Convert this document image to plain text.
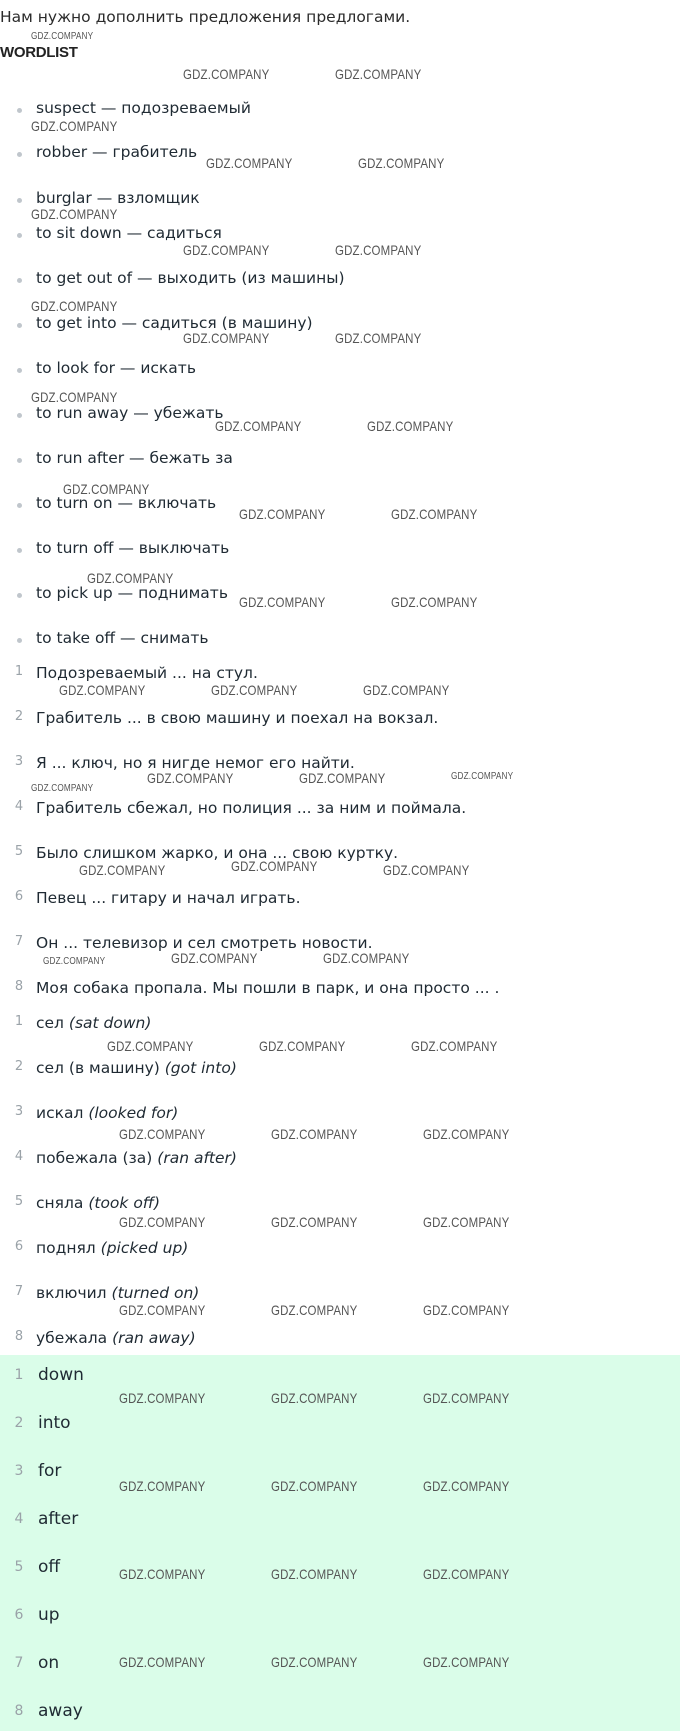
Нам нужно дополнить предложения предлогами.
WORDLIST
suspect — подозреваемый
robber — грабитель
burglar — взломщик
to sit down — садиться
to get out of — выходить (из машины)
to get into — садиться (в машину)
to look for — искать
to run away — убежать
to run after — бежать за
to turn on — включать
to turn off — выключать
to pick up — поднимать
to take off — снимать
1 Подозреваемый ... на стул.
2 Грабитель ... в свою машину и поехал на вокзал.
3 Я ... ключ, но я нигде немог его найти.
4 Грабитель сбежал, но полиция ... за ним и поймала.
5 Было слишком жарко, и она ... свою куртку.
6 Певец ... гитару и начал играть.
7 Он ... телевизор и сел смотреть новости.
8 Моя собака пропала. Мы пошли в парк, и она просто ... .
1 сел (sat down)
2 сел (в машину) (got into)
3 искал (looked for)
4 побежала (за) (ran after)
5 сняла (took off)
6 поднял (picked up)
7 включил (turned on)
8 убежала (ran away)
1 down
2 into
3 for
4 after
5 off
6 up
7 on
8 away
GDZ.COMPANY
GDZ.COMPANY	GDZ.COMPANY
GDZ.COMPANY
GDZ.COMPANY	GDZ.COMPANY
GDZ.COMPANY
GDZ.COMPANY	GDZ.COMPANY
GDZ.COMPANY
GDZ.COMPANY	GDZ.COMPANY
GDZ.COMPANY
GDZ.COMPANY	GDZ.COMPANY
GDZ.COMPANY
GDZ.COMPANY	GDZ.COMPANY
GDZ.COMPANY
GDZ.COMPANY	GDZ.COMPANY
GDZ.COMPANY	GDZ.COMPANY	GDZ.COMPANY
GDZ.COMPANY	GDZ.COMPANY	GDZ.COMPANY
GDZ.COMPANY
GDZ.COMPANY	GDZ.COMPANY	GDZ.COMPANY
GDZ.COMPANY	GDZ.COMPANY	GDZ.COMPANY
GDZ.COMPANY	GDZ.COMPANY	GDZ.COMPANY
GDZ.COMPANY	GDZ.COMPANY	GDZ.COMPANY
GDZ.COMPANY	GDZ.COMPANY	GDZ.COMPANY
GDZ.COMPANY	GDZ.COMPANY	GDZ.COMPANY
GDZ.COMPANY	GDZ.COMPANY	GDZ.COMPANY
GDZ.COMPANY	GDZ.COMPANY	GDZ.COMPANY
GDZ.COMPANY	GDZ.COMPANY	GDZ.COMPANY
GDZ.COMPANY	GDZ.COMPANY	GDZ.COMPANY
